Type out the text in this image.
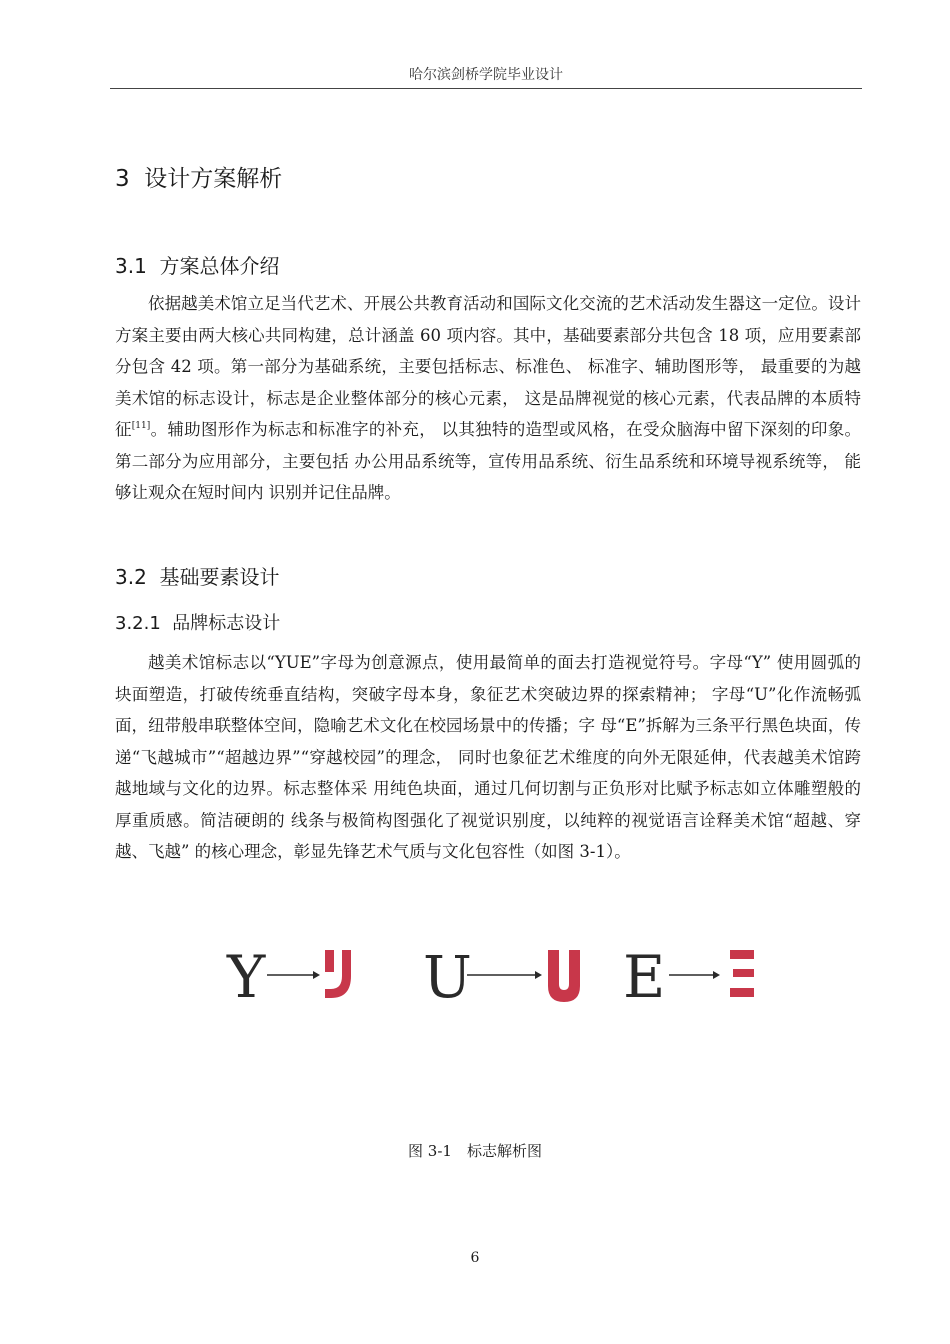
哈尔滨剑桥学院毕业设计
3 设计方案解析
3.1 方案总体介绍

依据越美术馆立足当代艺术、开展公共教育活动和国际文化交流的艺术活动发生器这一定位。设计方案主要由两大核心共同构建，总计涵盖 60 项内容。其中，基础要素部分共包含 18 项，应用要素部分包含 42 项。第一部分为基础系统，主要包括标志、标准色、 标准字、辅助图形等， 最重要的为越美术馆的标志设计，标志是企业整体部分的核心元素， 这是品牌视觉的核心元素，代表品牌的本质特征[11]。辅助图形作为标志和标准字的补充， 以其独特的造型或风格，在受众脑海中留下深刻的印象。第二部分为应用部分，主要包括 办公用品系统等，宣传用品系统、衍生品系统和环境导视系统等， 能够让观众在短时间内 识别并记住品牌。

3.2 基础要素设计
3.2.1 品牌标志设计

越美术馆标志以“YUE”字母为创意源点，使用最简单的面去打造视觉符号。字母“Y” 使用圆弧的块面塑造，打破传统垂直结构，突破字母本身，象征艺术突破边界的探索精神； 字母“U”化作流畅弧面，纽带般串联整体空间，隐喻艺术文化在校园场景中的传播；字 母“E”拆解为三条平行黑色块面，传递“飞越城市”“超越边界”“穿越校园”的理念， 同时也象征艺术维度的向外无限延伸，代表越美术馆跨越地域与文化的边界。标志整体采 用纯色块面，通过几何切割与正负形对比赋予标志如立体雕塑般的厚重质感。简洁硬朗的 线条与极简构图强化了视觉识别度，以纯粹的视觉语言诠释美术馆“超越、穿越、飞越” 的核心理念，彰显先锋艺术气质与文化包容性（如图 3-1）。

Y	U	E
图 3-1　标志解析图
6
